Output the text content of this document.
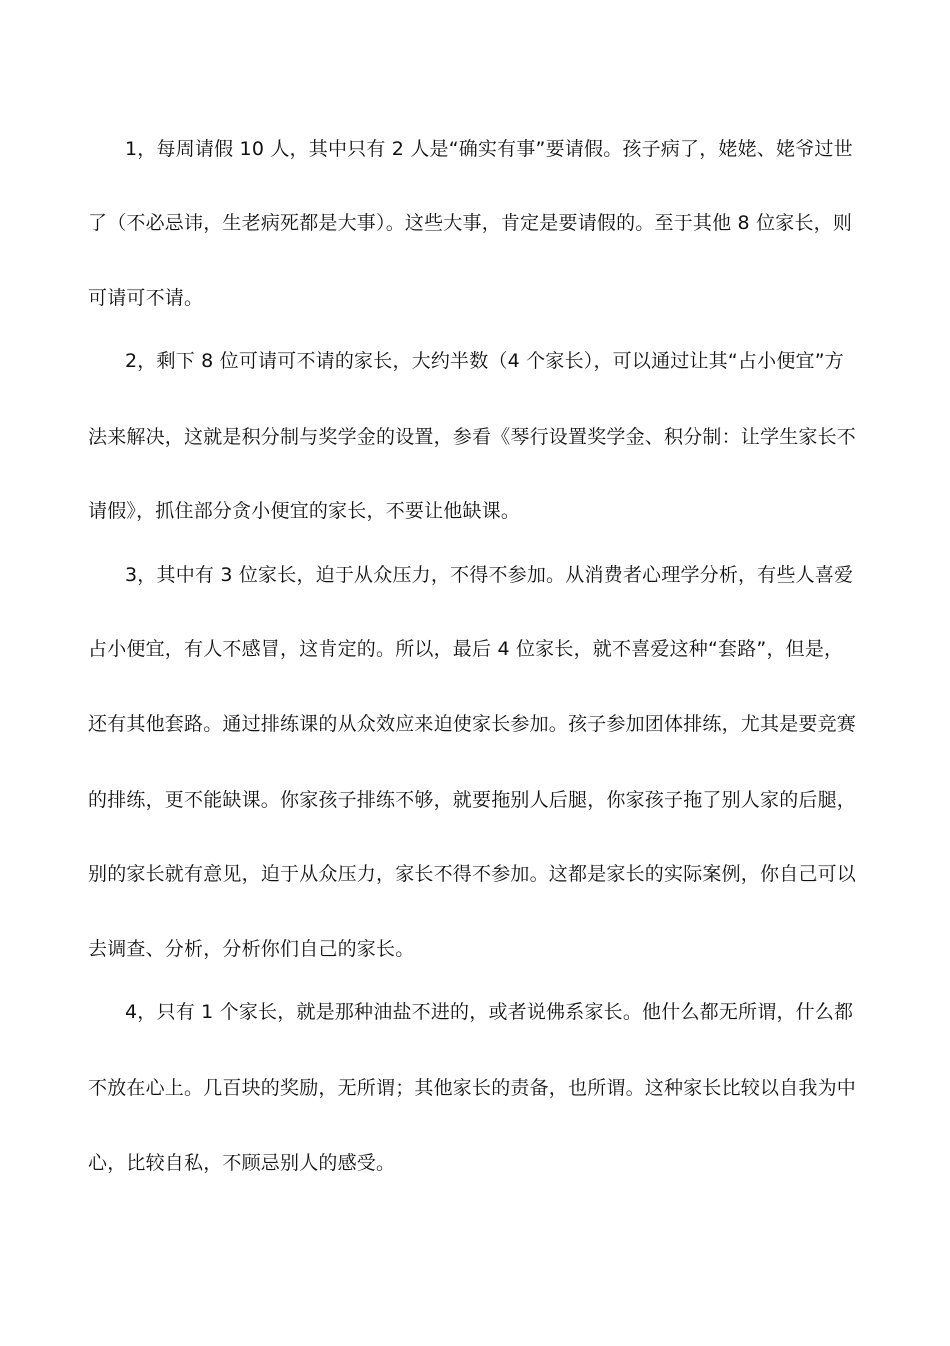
1，每周请假 10 人，其中只有 2 人是“确实有事”要请假。孩子病了，姥姥、姥爷过世
了（不必忌讳，生老病死都是大事）。这些大事，肯定是要请假的。至于其他 8 位家长，则
可请可不请。
2，剩下 8 位可请可不请的家长，大约半数（4 个家长），可以通过让其“占小便宜”方
法来解决，这就是积分制与奖学金的设置，参看《琴行设置奖学金、积分制：让学生家长不
请假》，抓住部分贪小便宜的家长，不要让他缺课。
3，其中有 3 位家长，迫于从众压力，不得不参加。从消费者心理学分析，有些人喜爱
占小便宜，有人不感冒，这肯定的。所以，最后 4 位家长，就不喜爱这种“套路”，但是，
还有其他套路。通过排练课的从众效应来迫使家长参加。孩子参加团体排练，尤其是要竞赛
的排练，更不能缺课。你家孩子排练不够，就要拖别人后腿，你家孩子拖了别人家的后腿，
别的家长就有意见，迫于从众压力，家长不得不参加。这都是家长的实际案例，你自己可以
去调查、分析，分析你们自己的家长。
4，只有 1 个家长，就是那种油盐不进的，或者说佛系家长。他什么都无所谓，什么都
不放在心上。几百块的奖励，无所谓；其他家长的责备，也所谓。这种家长比较以自我为中
心，比较自私，不顾忌别人的感受。
